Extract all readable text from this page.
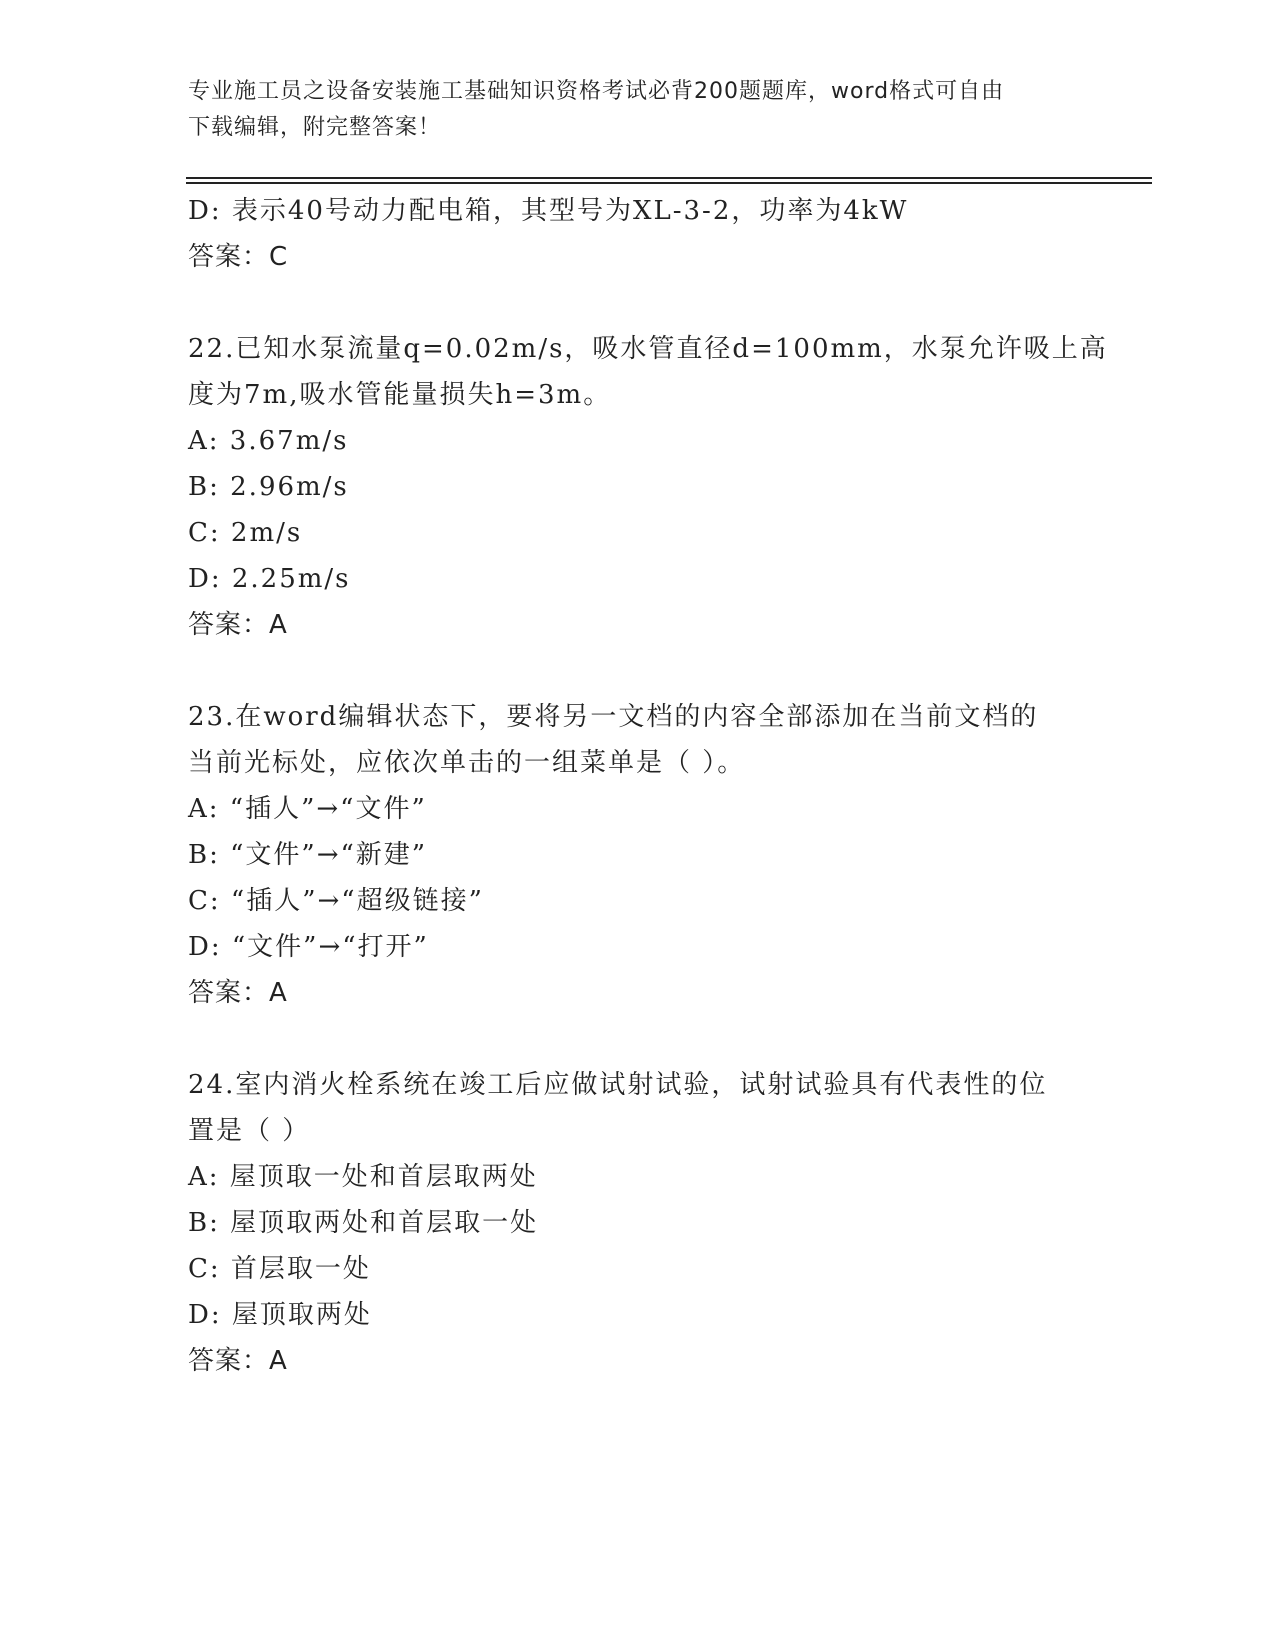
专业施工员之设备安装施工基础知识资格考试必背200题题库，word格式可自由
下载编辑，附完整答案！
D: 表示40号动力配电箱，其型号为XL-3-2，功率为4kW
答案：C
22.已知水泵流量q=0.02m/s，吸水管直径d=100mm，水泵允许吸上高
度为7m,吸水管能量损失h=3m。
A: 3.67m/s
B: 2.96m/s
C: 2m/s
D: 2.25m/s
答案：A
23.在word编辑状态下，要将另一文档的内容全部添加在当前文档的
当前光标处，应依次单击的一组菜单是（ ）。
A: “插人”→“文件”
B: “文件”→“新建”
C: “插人”→“超级链接”
D: “文件”→“打开”
答案：A
24.室内消火栓系统在竣工后应做试射试验，试射试验具有代表性的位
置是（ ）
A: 屋顶取一处和首层取两处
B: 屋顶取两处和首层取一处
C: 首层取一处
D: 屋顶取两处
答案：A
